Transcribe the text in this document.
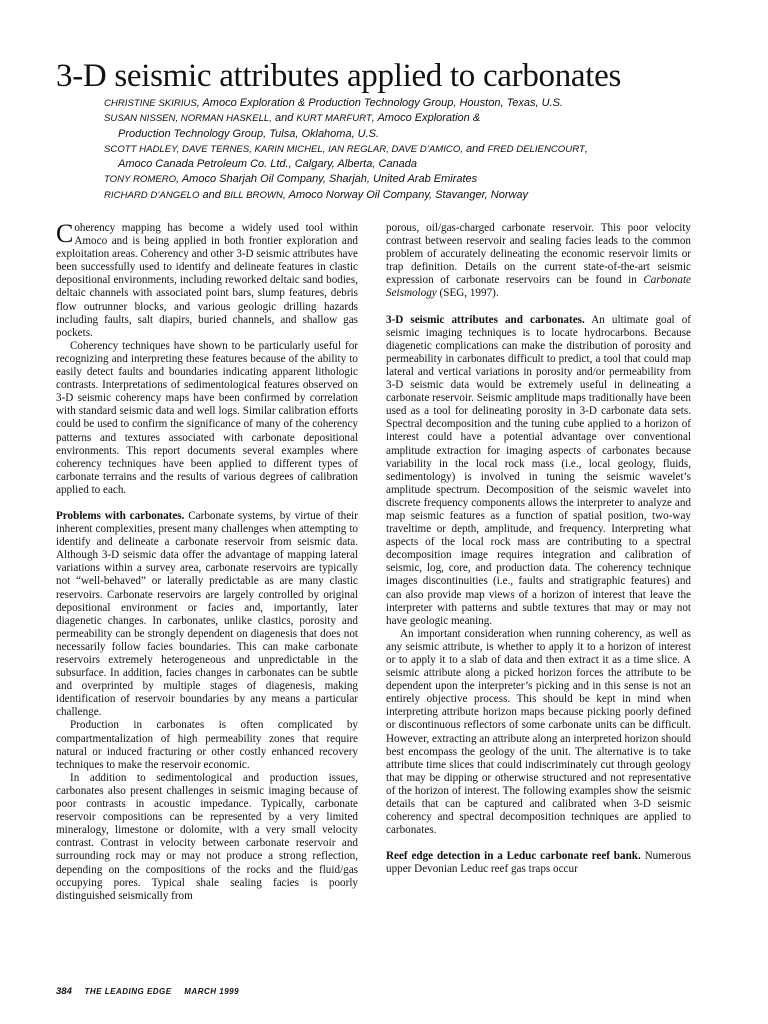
3-D seismic attributes applied to carbonates
CHRISTINE SKIRIUS, Amoco Exploration & Production Technology Group, Houston, Texas, U.S.
SUSAN NISSEN, NORMAN HASKELL, and KURT MARFURT, Amoco Exploration &
Production Technology Group, Tulsa, Oklahoma, U.S.
SCOTT HADLEY, DAVE TERNES, KARIN MICHEL, IAN REGLAR, DAVE D’AMICO, and FRED DELIENCOURT,
Amoco Canada Petroleum Co. Ltd., Calgary, Alberta, Canada
TONY ROMERO, Amoco Sharjah Oil Company, Sharjah, United Arab Emirates
RICHARD D’ANGELO and BILL BROWN, Amoco Norway Oil Company, Stavanger, Norway

Coherency mapping has become a widely used tool within Amoco and is being applied in both frontier exploration and exploitation areas. Coherency and other 3-D seismic attributes have been successfully used to identify and delineate features in clastic depositional environments, including reworked deltaic sand bodies, deltaic channels with associated point bars, slump features, debris flow outrunner blocks, and various geologic drilling hazards including faults, salt diapirs, buried channels, and shallow gas pockets.

Coherency techniques have shown to be particularly useful for recognizing and interpreting these features because of the ability to easily detect faults and boundaries indicating apparent lithologic contrasts. Interpretations of sedimentological features observed on 3-D seismic coherency maps have been confirmed by correlation with standard seismic data and well logs. Similar calibration efforts could be used to confirm the significance of many of the coherency patterns and textures associated with carbonate depositional environments. This report documents several examples where coherency techniques have been applied to different types of carbonate terrains and the results of various degrees of calibration applied to each.

Problems with carbonates. Carbonate systems, by virtue of their inherent complexities, present many challenges when attempting to identify and delineate a carbonate reservoir from seismic data. Although 3-D seismic data offer the advantage of mapping lateral variations within a survey area, carbonate reservoirs are typically not “well-behaved” or laterally predictable as are many clastic reservoirs. Carbonate reservoirs are largely controlled by original depositional environment or facies and, importantly, later diagenetic changes. In carbonates, unlike clastics, porosity and permeability can be strongly dependent on diagenesis that does not necessarily follow facies boundaries. This can make carbonate reservoirs extremely heterogeneous and unpredictable in the subsurface. In addition, facies changes in carbonates can be subtle and overprinted by multiple stages of diagenesis, making identification of reservoir boundaries by any means a particular challenge.

Production in carbonates is often complicated by compartmentalization of high permeability zones that require natural or induced fracturing or other costly enhanced recovery techniques to make the reservoir economic.

In addition to sedimentological and production issues, carbonates also present challenges in seismic imaging because of poor contrasts in acoustic impedance. Typically, carbonate reservoir compositions can be represented by a very limited mineralogy, limestone or dolomite, with a very small velocity contrast. Contrast in velocity between carbonate reservoir and surrounding rock may or may not produce a strong reflection, depending on the compositions of the rocks and the fluid/gas occupying pores. Typical shale sealing facies is poorly distinguished seismically from

porous, oil/gas-charged carbonate reservoir. This poor velocity contrast between reservoir and sealing facies leads to the common problem of accurately delineating the economic reservoir limits or trap definition. Details on the current state-of-the-art seismic expression of carbonate reservoirs can be found in Carbonate Seismology (SEG, 1997).

3-D seismic attributes and carbonates. An ultimate goal of seismic imaging techniques is to locate hydrocarbons. Because diagenetic complications can make the distribution of porosity and permeability in carbonates difficult to predict, a tool that could map lateral and vertical variations in porosity and/or permeability from 3-D seismic data would be extremely useful in delineating a carbonate reservoir. Seismic amplitude maps traditionally have been used as a tool for delineating porosity in 3-D carbonate data sets. Spectral decomposition and the tuning cube applied to a horizon of interest could have a potential advantage over conventional amplitude extraction for imaging aspects of carbonates because variability in the local rock mass (i.e., local geology, fluids, sedimentology) is involved in tuning the seismic wavelet’s amplitude spectrum. Decomposition of the seismic wavelet into discrete frequency components allows the interpreter to analyze and map seismic features as a function of spatial position, two-way traveltime or depth, amplitude, and frequency. Interpreting what aspects of the local rock mass are contributing to a spectral decomposition image requires integration and calibration of seismic, log, core, and production data. The coherency technique images discontinuities (i.e., faults and stratigraphic features) and can also provide map views of a horizon of interest that leave the interpreter with patterns and subtle textures that may or may not have geologic meaning.

An important consideration when running coherency, as well as any seismic attribute, is whether to apply it to a horizon of interest or to apply it to a slab of data and then extract it as a time slice. A seismic attribute along a picked horizon forces the attribute to be dependent upon the interpreter’s picking and in this sense is not an entirely objective process. This should be kept in mind when interpreting attribute horizon maps because picking poorly defined or discontinuous reflectors of some carbonate units can be difficult. However, extracting an attribute along an interpreted horizon should best encompass the geology of the unit. The alternative is to take attribute time slices that could indiscriminately cut through geology that may be dipping or otherwise structured and not representative of the horizon of interest. The following examples show the seismic details that can be captured and calibrated when 3-D seismic coherency and spectral decomposition techniques are applied to carbonates.

Reef edge detection in a Leduc carbonate reef bank. Numerous upper Devonian Leduc reef gas traps occur

384 THE LEADING EDGE MARCH 1999
